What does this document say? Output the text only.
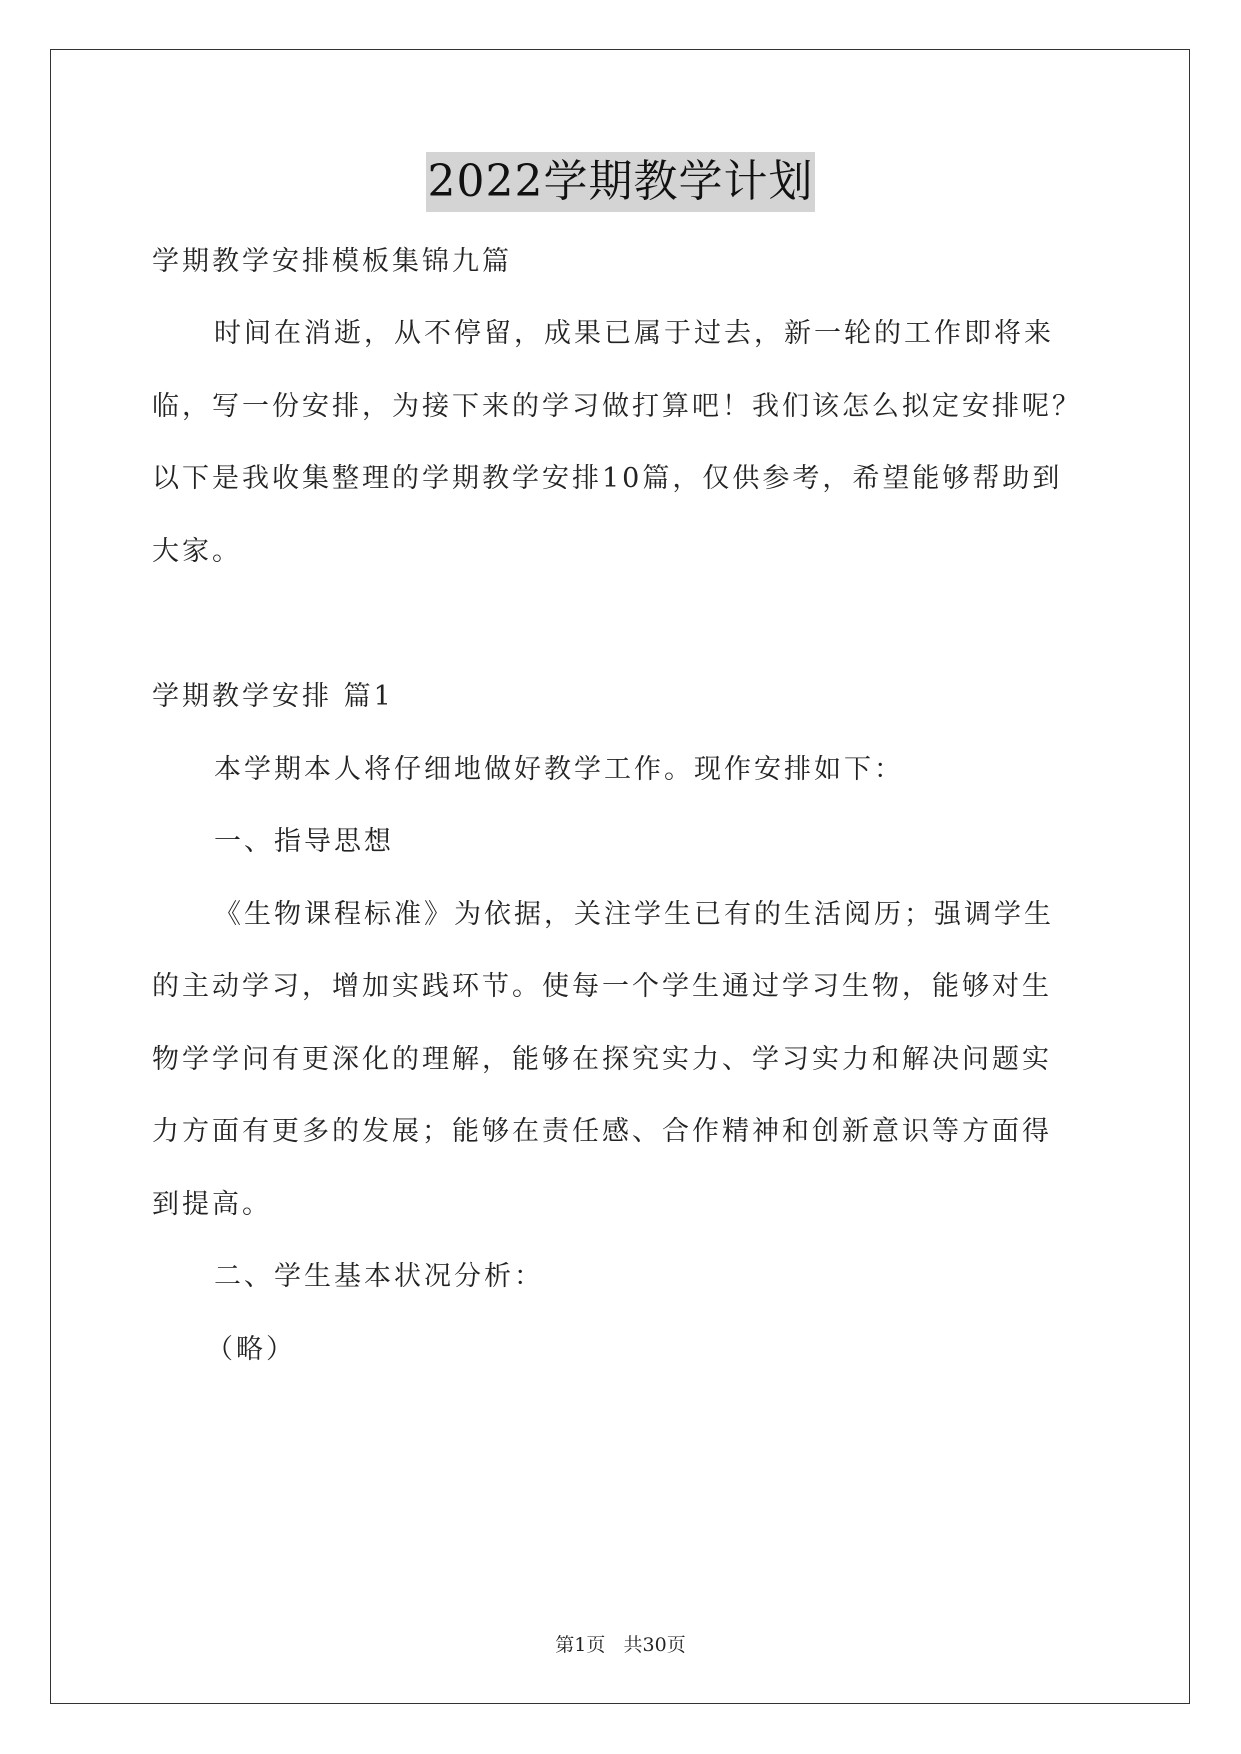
2022学期教学计划
学期教学安排模板集锦九篇
时间在消逝，从不停留，成果已属于过去，新一轮的工作即将来
临，写一份安排，为接下来的学习做打算吧！我们该怎么拟定安排呢？
以下是我收集整理的学期教学安排10篇，仅供参考，希望能够帮助到
大家。
学期教学安排 篇1
本学期本人将仔细地做好教学工作。现作安排如下：
一、指导思想
《生物课程标准》为依据，关注学生已有的生活阅历；强调学生
的主动学习，增加实践环节。使每一个学生通过学习生物，能够对生
物学学问有更深化的理解，能够在探究实力、学习实力和解决问题实
力方面有更多的发展；能够在责任感、合作精神和创新意识等方面得
到提高。
二、学生基本状况分析：
（略）
第1页 共30页
